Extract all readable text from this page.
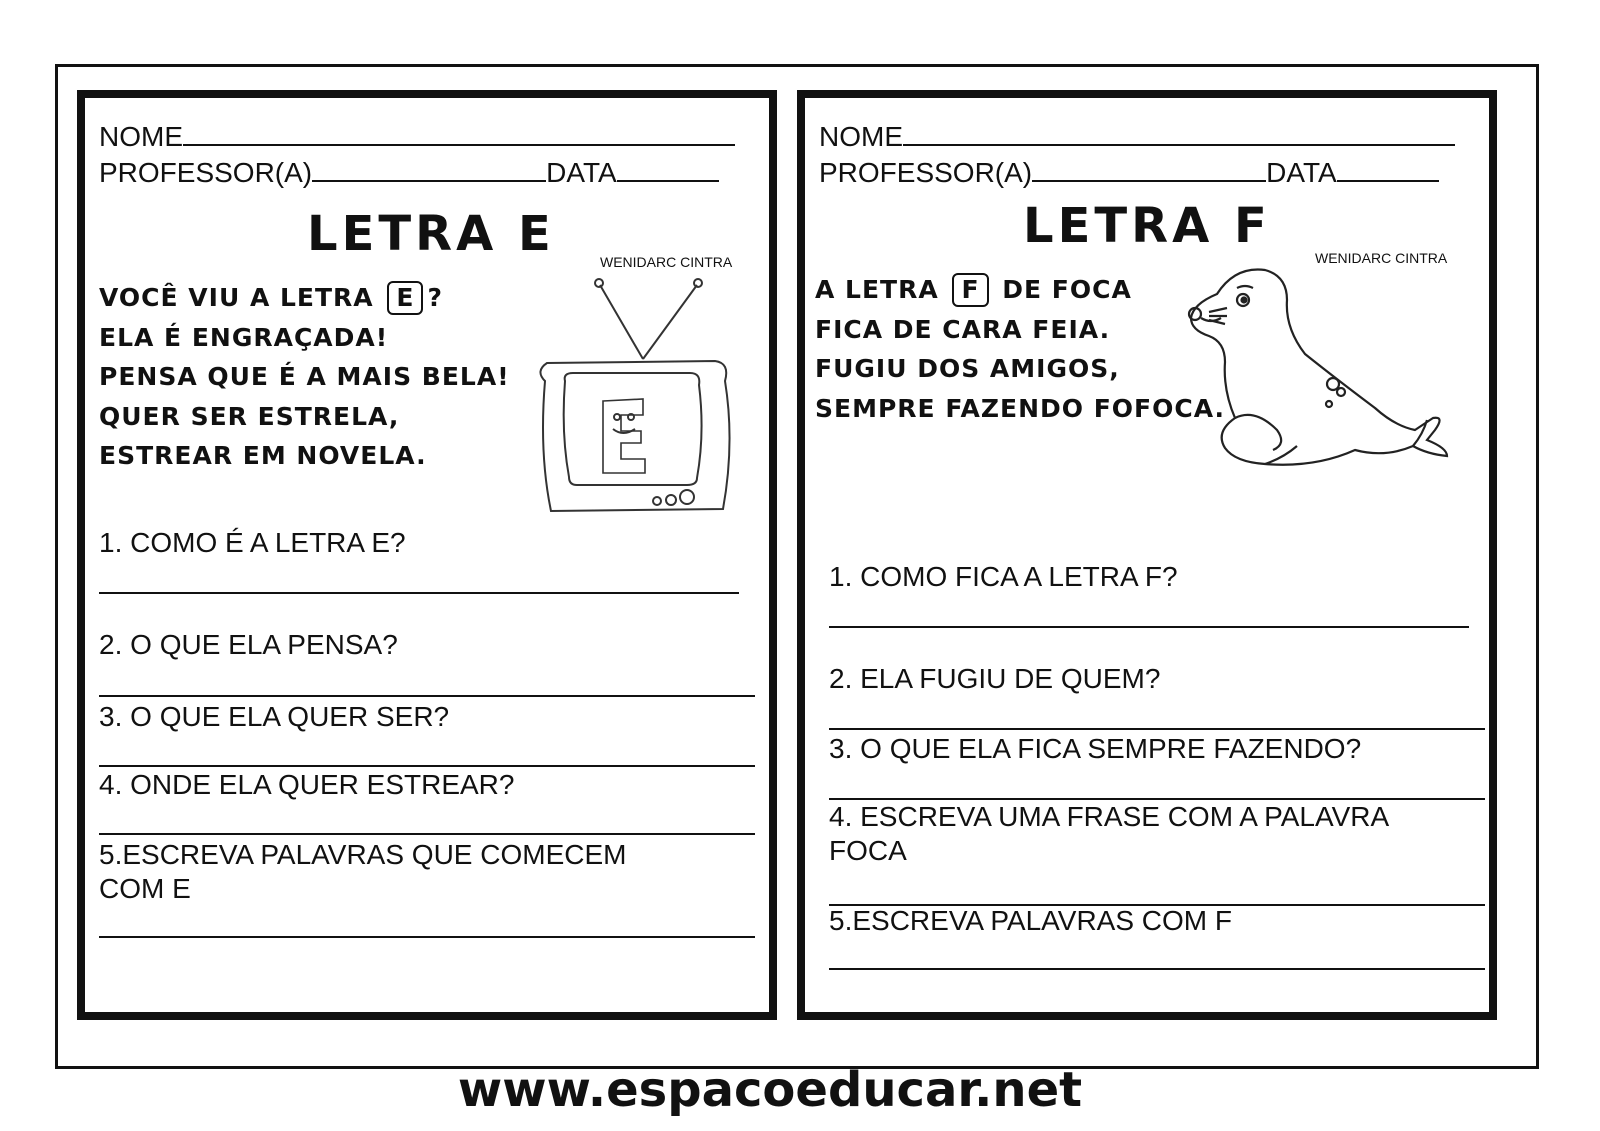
NOME
PROFESSOR(A)	DATA
LETRA E	WENIDARC CINTRA
VOCÊ VIU A LETRA E ?
ELA É ENGRAÇADA!
PENSA QUE É A MAIS BELA!
QUER SER ESTRELA,
ESTREAR EM NOVELA.
1. COMO É A LETRA E?
2. O QUE ELA PENSA?
3. O QUE ELA QUER SER?
4. ONDE ELA QUER ESTREAR?
5.ESCREVA PALAVRAS QUE COMECEM COM E
NOME
PROFESSOR(A)	DATA
LETRA F
WENIDARC CINTRA
A LETRA F DE FOCA
FICA DE CARA FEIA.
FUGIU DOS AMIGOS,
SEMPRE FAZENDO FOFOCA.
1. COMO FICA A LETRA F?
2. ELA FUGIU DE QUEM?
3. O QUE ELA FICA SEMPRE FAZENDO?
4. ESCREVA UMA FRASE COM A PALAVRA FOCA
5.ESCREVA PALAVRAS COM F
www.espacoeducar.net
